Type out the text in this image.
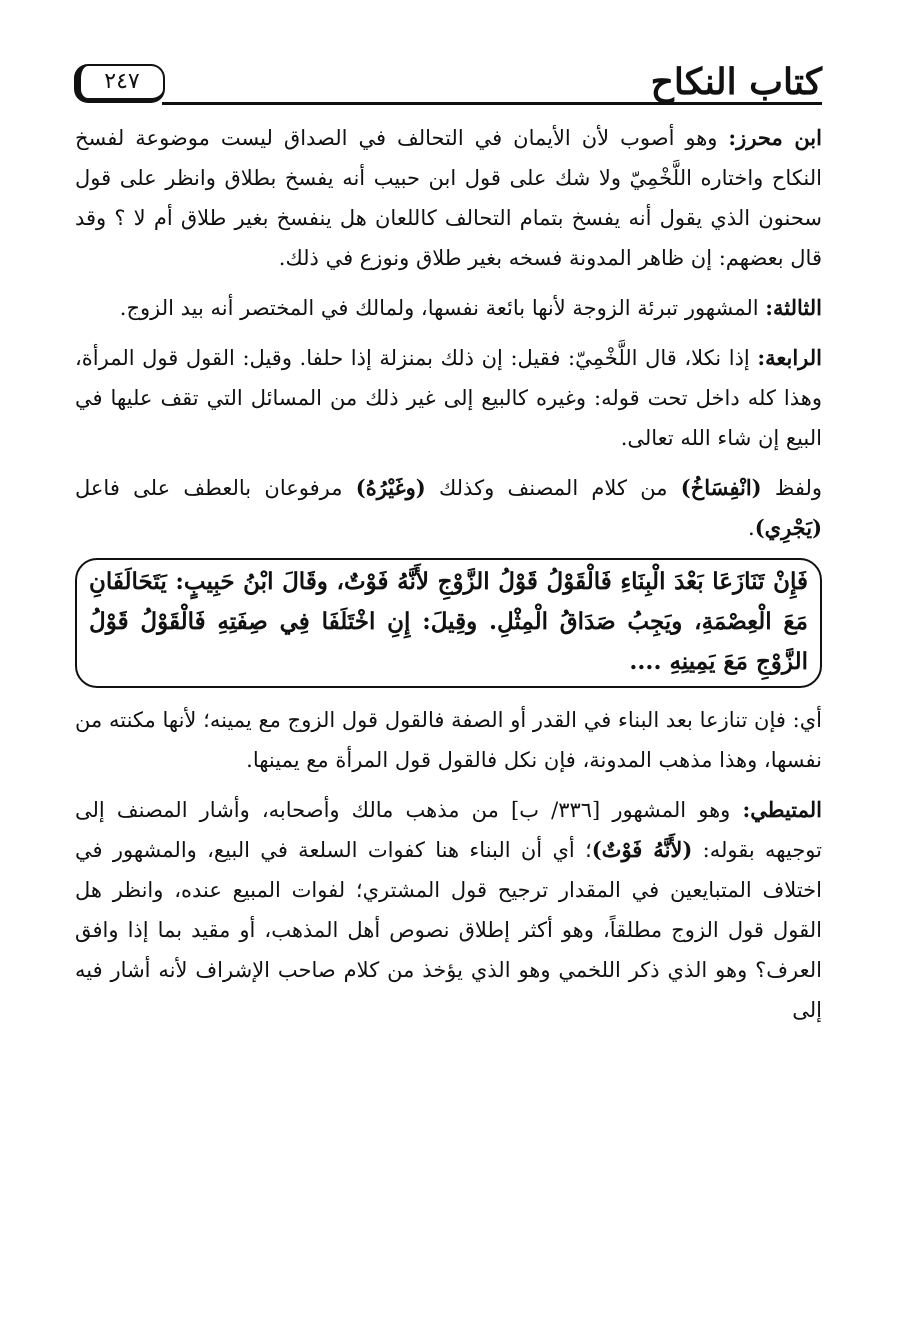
كتاب النكاح
٢٤٧

ابن محرز: وهو أصوب لأن الأيمان في التحالف في الصداق ليست موضوعة لفسخ النكاح واختاره اللَّخْمِيّ ولا شك على قول ابن حبيب أنه يفسخ بطلاق وانظر على قول سحنون الذي يقول أنه يفسخ بتمام التحالف كاللعان هل ينفسخ بغير طلاق أم لا ؟ وقد قال بعضهم: إن ظاهر المدونة فسخه بغير طلاق ونوزع في ذلك.

الثالثة: المشهور تبرئة الزوجة لأنها بائعة نفسها، ولمالك في المختصر أنه بيد الزوج.

الرابعة: إذا نكلا، قال اللَّخْمِيّ: فقيل: إن ذلك بمنزلة إذا حلفا. وقيل: القول قول المرأة، وهذا كله داخل تحت قوله: وغيره كالبيع إلى غير ذلك من المسائل التي تقف عليها في البيع إن شاء الله تعالى.

ولفظ (انْفِسَاخُ) من كلام المصنف وكذلك (وغَيْرُهُ) مرفوعان بالعطف على فاعل (يَجْرِي).

فَإِنْ تَنَازَعَا بَعْدَ الْبِنَاءِ فَالْقَوْلُ قَوْلُ الزَّوْجِ لأَنَّهُ فَوْتٌ، وقَالَ ابْنُ حَبِيبٍ: يَتَحَالَفَانِ مَعَ الْعِصْمَةِ، ويَجِبُ صَدَاقُ الْمِثْلِ. وقِيلَ: إِنِ اخْتَلَفَا فِي صِفَتِهِ فَالْقَوْلُ قَوْلُ الزَّوْجِ مَعَ يَمِينِهِ ....

أي: فإن تنازعا بعد البناء في القدر أو الصفة فالقول قول الزوج مع يمينه؛ لأنها مكنته من نفسها، وهذا مذهب المدونة، فإن نكل فالقول قول المرأة مع يمينها.

المتيطي: وهو المشهور [٣٣٦/ ب] من مذهب مالك وأصحابه، وأشار المصنف إلى توجيهه بقوله: (لأَنَّهُ فَوْتٌ)؛ أي أن البناء هنا كفوات السلعة في البيع، والمشهور في اختلاف المتبايعين في المقدار ترجيح قول المشتري؛ لفوات المبيع عنده، وانظر هل القول قول الزوج مطلقاً، وهو أكثر إطلاق نصوص أهل المذهب، أو مقيد بما إذا وافق العرف؟ وهو الذي ذكر اللخمي وهو الذي يؤخذ من كلام صاحب الإشراف لأنه أشار فيه إلى
